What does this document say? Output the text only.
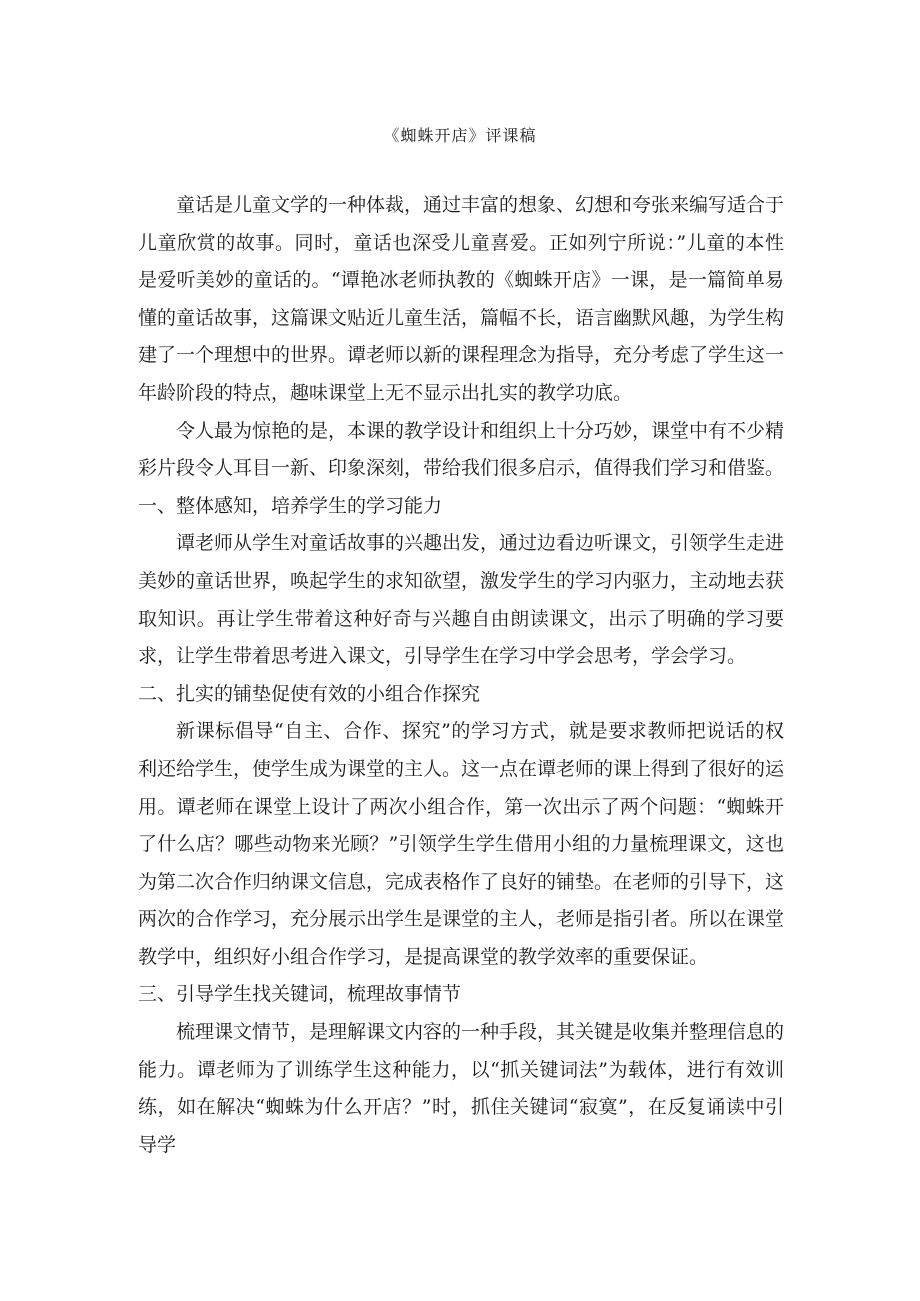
《蜘蛛开店》评课稿

童话是儿童文学的一种体裁，通过丰富的想象、幻想和夸张来编写适合于儿童欣赏的故事。同时，童话也深受儿童喜爱。正如列宁所说：”儿童的本性是爱听美妙的童话的。“谭艳冰老师执教的《蜘蛛开店》一课，是一篇简单易懂的童话故事，这篇课文贴近儿童生活，篇幅不长，语言幽默风趣，为学生构建了一个理想中的世界。谭老师以新的课程理念为指导，充分考虑了学生这一年龄阶段的特点，趣味课堂上无不显示出扎实的教学功底。

令人最为惊艳的是，本课的教学设计和组织上十分巧妙，课堂中有不少精彩片段令人耳目一新、印象深刻，带给我们很多启示，值得我们学习和借鉴。

一、整体感知，培养学生的学习能力

谭老师从学生对童话故事的兴趣出发，通过边看边听课文，引领学生走进美妙的童话世界，唤起学生的求知欲望，激发学生的学习内驱力，主动地去获取知识。再让学生带着这种好奇与兴趣自由朗读课文，出示了明确的学习要求，让学生带着思考进入课文，引导学生在学习中学会思考，学会学习。

二、扎实的铺垫促使有效的小组合作探究

新课标倡导“自主、合作、探究”的学习方式，就是要求教师把说话的权利还给学生，使学生成为课堂的主人。这一点在谭老师的课上得到了很好的运用。谭老师在课堂上设计了两次小组合作，第一次出示了两个问题：“蜘蛛开了什么店？哪些动物来光顾？”引领学生学生借用小组的力量梳理课文，这也为第二次合作归纳课文信息，完成表格作了良好的铺垫。在老师的引导下，这两次的合作学习，充分展示出学生是课堂的主人，老师是指引者。所以在课堂教学中，组织好小组合作学习，是提高课堂的教学效率的重要保证。

三、引导学生找关键词，梳理故事情节

梳理课文情节，是理解课文内容的一种手段，其关键是收集并整理信息的能力。谭老师为了训练学生这种能力，以“抓关键词法”为载体，进行有效训练，如在解决“蜘蛛为什么开店？”时，抓住关键词“寂寞”，在反复诵读中引导学
